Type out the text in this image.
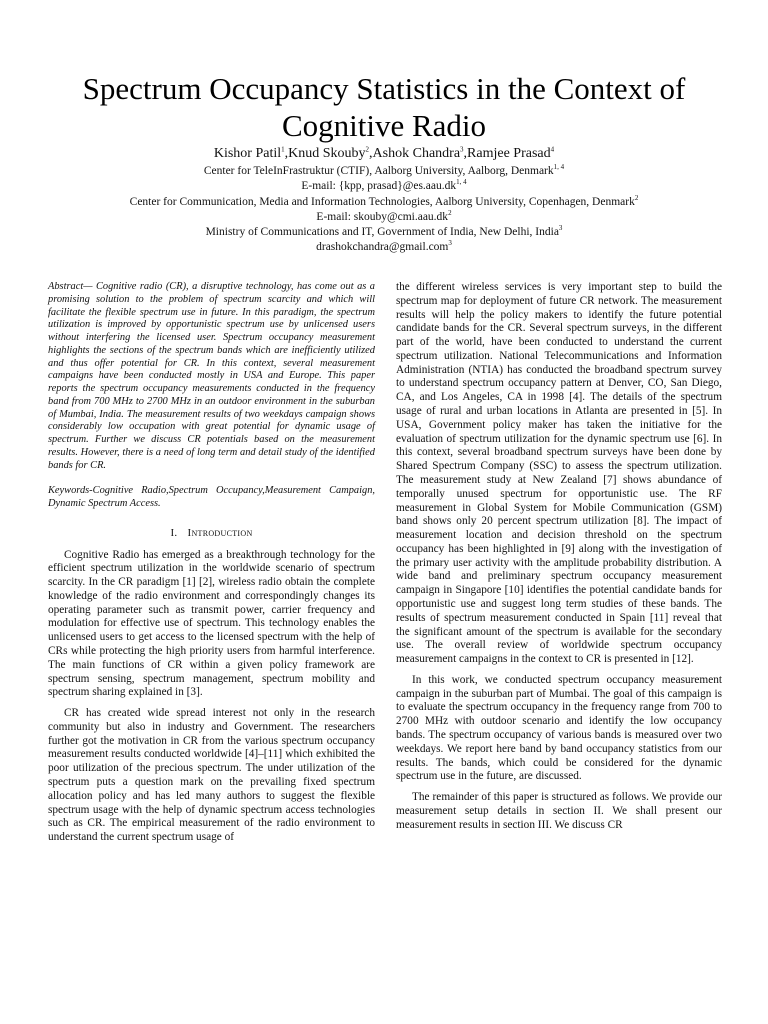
Spectrum Occupancy Statistics in the Context of
Cognitive Radio
Kishor Patil$^1$,Knud Skouby$^2$,Ashok Chandra$^3$,Ramjee Prasad$^4$
Center for TeleInFrastruktur (CTIF), Aalborg University, Aalborg, Denmark$^{1, 4}$
E-mail: {kpp, prasad}@es.aau.dk$^{1, 4}$
Center for Communication, Media and Information Technologies, Aalborg University, Copenhagen, Denmark$^2$
E-mail: $skouby@cmi.aau.dk^2$
Ministry of Communications and IT, Government of India, New Delhi, India$^3$
drashokchandra@gmail.com$^3$

Abstract— Cognitive radio (CR), a disruptive technology, has come out as a promising solution to the problem of spectrum scarcity and which will facilitate the flexible spectrum use in future. In this paradigm, the spectrum utilization is improved by opportunistic spectrum use by unlicensed users without interfering the licensed user. Spectrum occupancy measurement highlights the sections of the spectrum bands which are inefficiently utilized and thus offer potential for CR. In this context, several measurement campaigns have been conducted mostly in USA and Europe. This paper reports the spectrum occupancy measurements conducted in the frequency band from 700 MHz to 2700 MHz in an outdoor environment in the suburban of Mumbai, India. The measurement results of two weekdays campaign shows considerably low occupation with great potential for dynamic usage of spectrum. Further we discuss CR potentials based on the measurement results. However, there is a need of long term and detail study of the identified bands for CR.

Keywords-Cognitive Radio,Spectrum Occupancy,Measurement Campaign, Dynamic Spectrum Access.

I. Introduction

Cognitive Radio has emerged as a breakthrough technology for the efficient spectrum utilization in the worldwide scenario of spectrum scarcity. In the CR paradigm [1] [2], wireless radio obtain the complete knowledge of the radio environment and correspondingly changes its operating parameter such as transmit power, carrier frequency and modulation for effective use of spectrum. This technology enables the unlicensed users to get access to the licensed spectrum with the help of CRs while protecting the high priority users from harmful interference. The main functions of CR within a given policy framework are spectrum sensing, spectrum management, spectrum mobility and spectrum sharing explained in [3].

CR has created wide spread interest not only in the research community but also in industry and Government. The researchers further got the motivation in CR from the various spectrum occupancy measurement results conducted worldwide [4]–[11] which exhibited the poor utilization of the precious spectrum. The under utilization of the spectrum puts a question mark on the prevailing fixed spectrum allocation policy and has led many authors to suggest the flexible spectrum usage with the help of dynamic spectrum access technologies such as CR. The empirical measurement of the radio environment to understand the current spectrum usage of

the different wireless services is very important step to build the spectrum map for deployment of future CR network. The measurement results will help the policy makers to identify the future potential candidate bands for the CR. Several spectrum surveys, in the different part of the world, have been conducted to understand the current spectrum utilization. National Telecommunications and Information Administration (NTIA) has conducted the broadband spectrum survey to understand spectrum occupancy pattern at Denver, CO, San Diego, CA, and Los Angeles, CA in 1998 [4]. The details of the spectrum usage of rural and urban locations in Atlanta are presented in [5]. In USA, Government policy maker has taken the initiative for the evaluation of spectrum utilization for the dynamic spectrum use [6]. In this context, several broadband spectrum surveys have been done by Shared Spectrum Company (SSC) to assess the spectrum utilization. The measurement study at New Zealand [7] shows abundance of temporally unused spectrum for opportunistic use. The RF measurement in Global System for Mobile Communication (GSM) band shows only 20 percent spectrum utilization [8]. The impact of measurement location and decision threshold on the spectrum occupancy has been highlighted in [9] along with the investigation of the primary user activity with the amplitude probability distribution. A wide band and preliminary spectrum occupancy measurement campaign in Singapore [10] identifies the potential candidate bands for opportunistic use and suggest long term studies of these bands. The results of spectrum measurement conducted in Spain [11] reveal that the significant amount of the spectrum is available for the secondary use. The overall review of worldwide spectrum occupancy measurement campaigns in the context to CR is presented in [12].

In this work, we conducted spectrum occupancy measurement campaign in the suburban part of Mumbai. The goal of this campaign is to evaluate the spectrum occupancy in the frequency range from 700 to 2700 MHz with outdoor scenario and identify the low occupancy bands. The spectrum occupancy of various bands is measured over two weekdays. We report here band by band occupancy statistics from our results. The bands, which could be considered for the dynamic spectrum use in the future, are discussed.

The remainder of this paper is structured as follows. We provide our measurement setup details in section II. We shall present our measurement results in section III. We discuss CR
